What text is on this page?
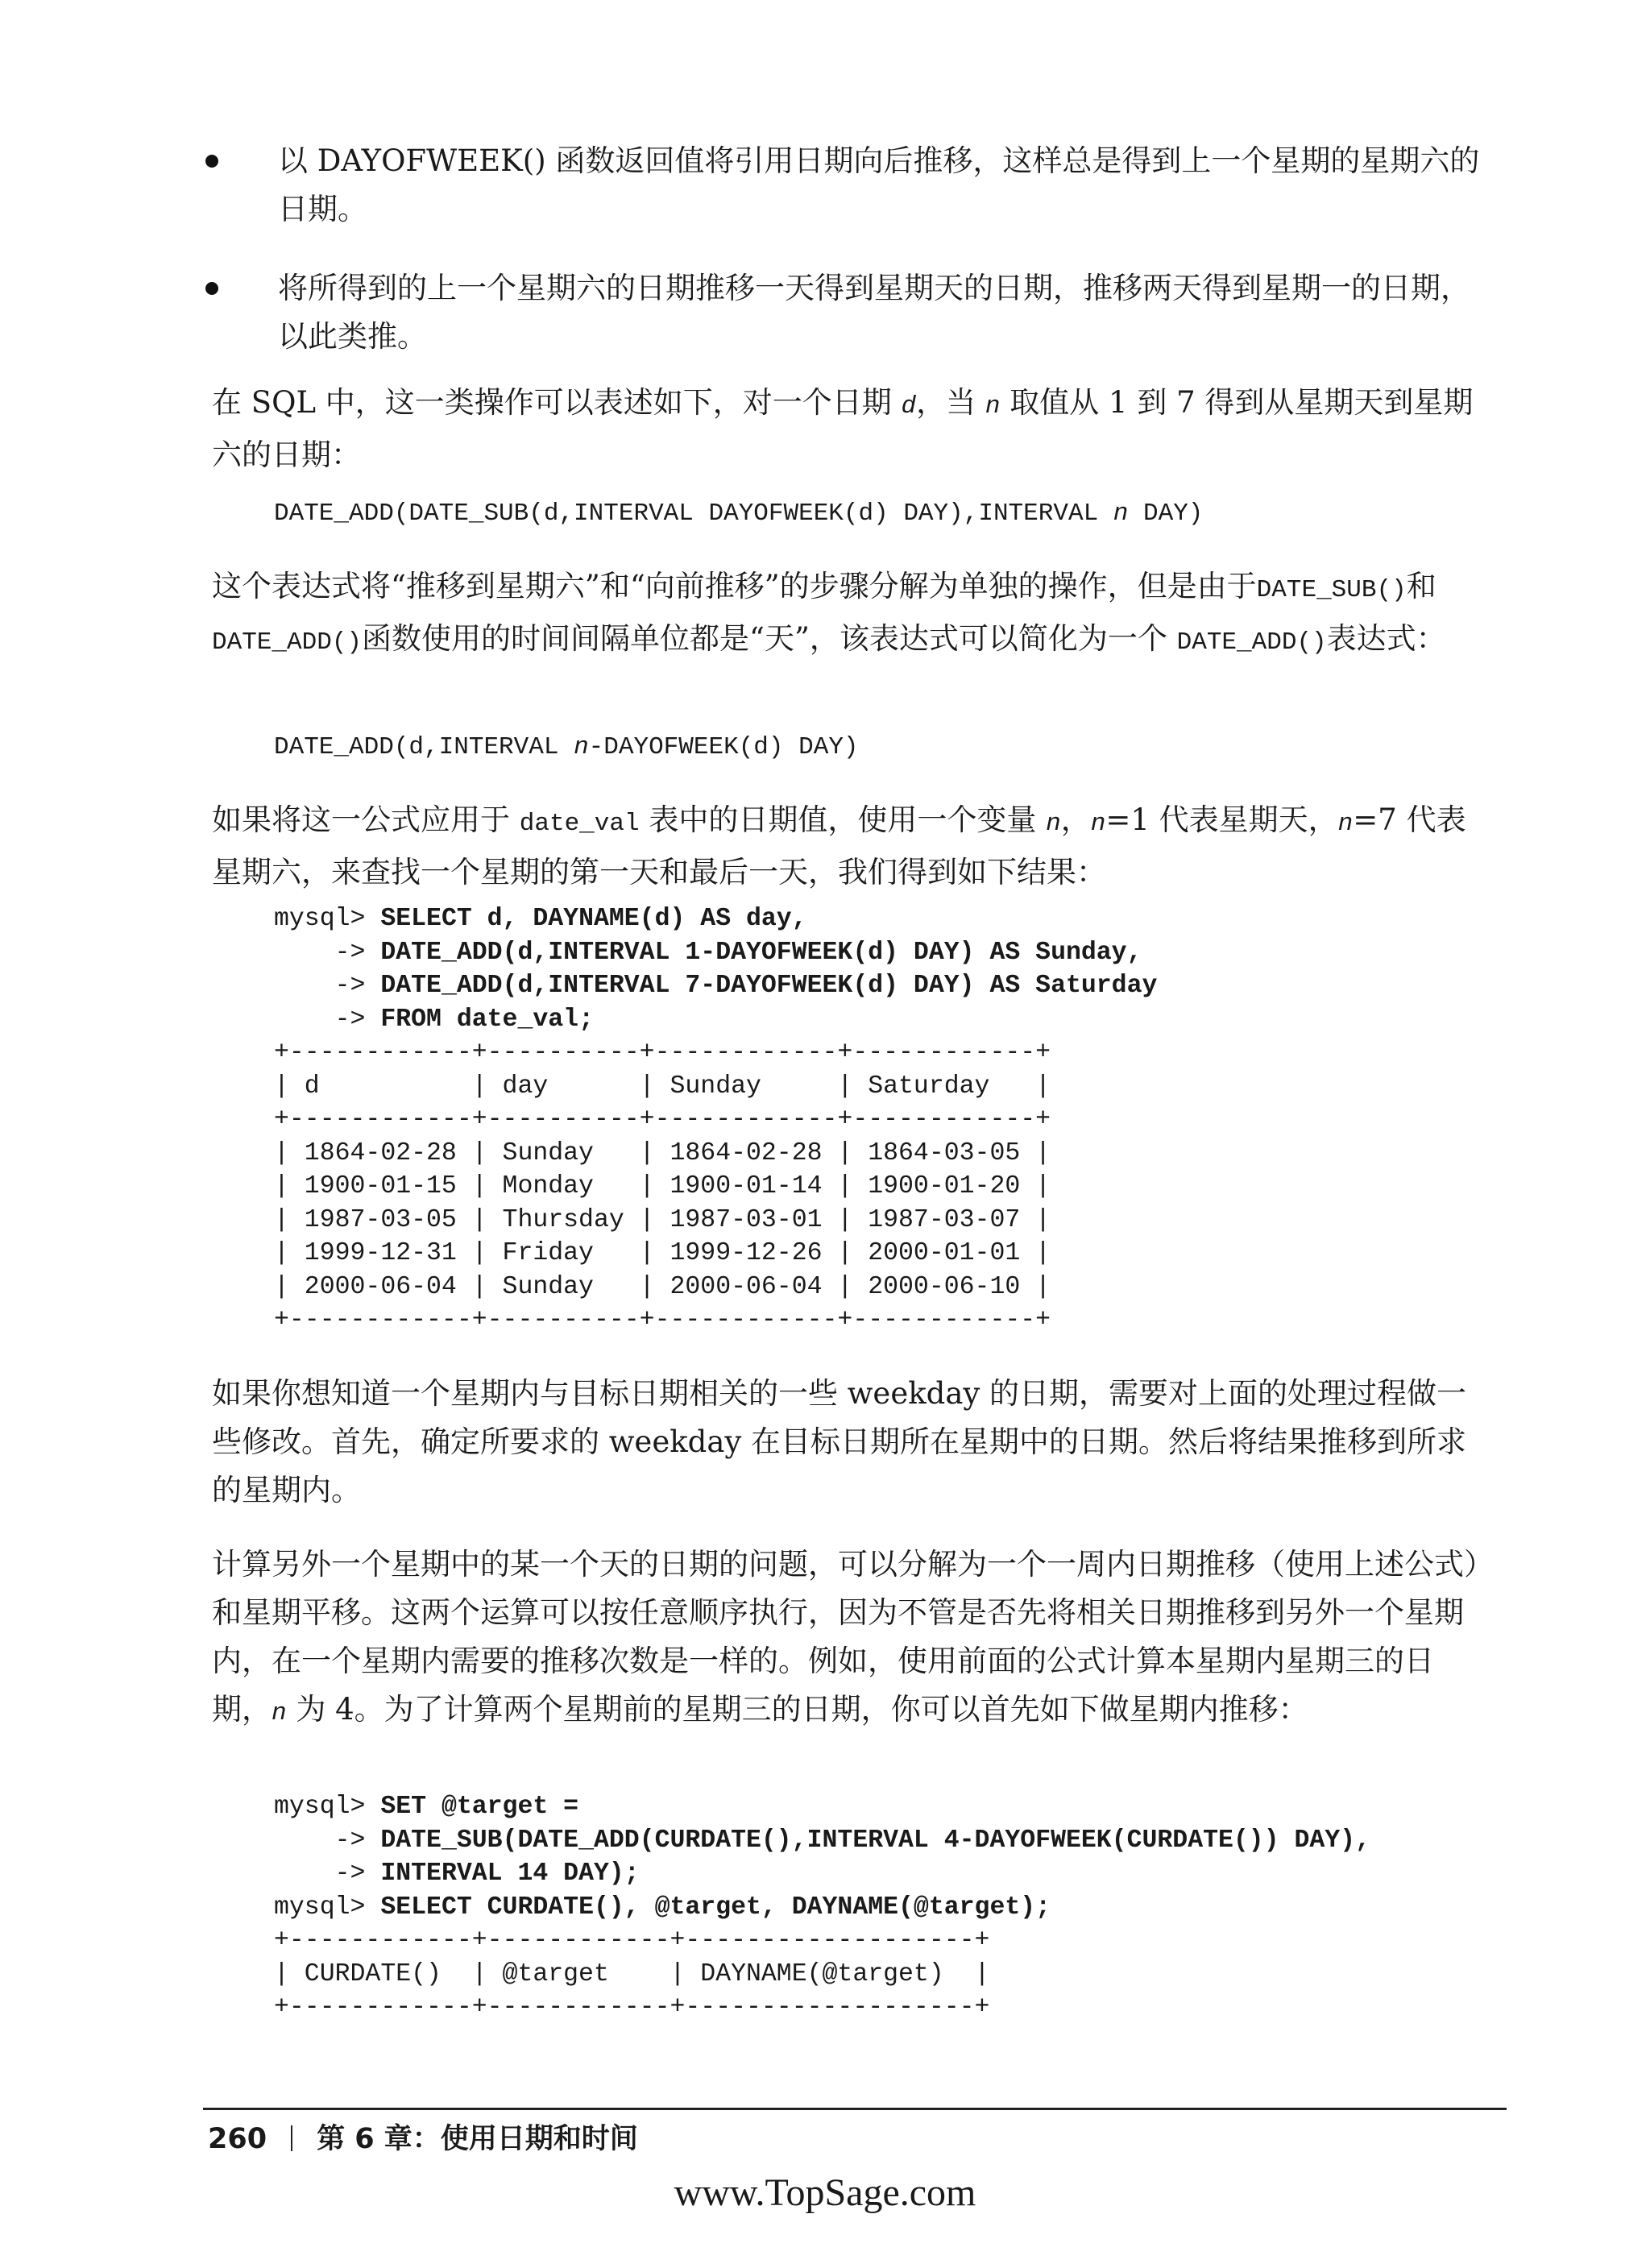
以 DAYOFWEEK() 函数返回值将引用日期向后推移，这样总是得到上一个星期的星期六的日期。
将所得到的上一个星期六的日期推移一天得到星期天的日期，推移两天得到星期一的日期，以此类推。

在 SQL 中，这一类操作可以表述如下，对一个日期 d，当 n 取值从 1 到 7 得到从星期天到星期六的日期：

DATE_ADD(DATE_SUB(d,INTERVAL DAYOFWEEK(d) DAY),INTERVAL n DAY)

这个表达式将“推移到星期六”和“向前推移”的步骤分解为单独的操作，但是由于DATE_SUB()和 DATE_ADD()函数使用的时间间隔单位都是“天”，该表达式可以简化为一个 DATE_ADD()表达式：

DATE_ADD(d,INTERVAL n-DAYOFWEEK(d) DAY)

如果将这一公式应用于 date_val 表中的日期值，使用一个变量 n，n=1 代表星期天，n=7 代表星期六，来查找一个星期的第一天和最后一天，我们得到如下结果：

mysql> SELECT d, DAYNAME(d) AS day,
-> DATE_ADD(d,INTERVAL 1-DAYOFWEEK(d) DAY) AS Sunday,
-> DATE_ADD(d,INTERVAL 7-DAYOFWEEK(d) DAY) AS Saturday
-> FROM date_val;
+------------+----------+------------+------------+
| d          | day      | Sunday     | Saturday   |
+------------+----------+------------+------------+
| 1864-02-28 | Sunday   | 1864-02-28 | 1864-03-05 |
| 1900-01-15 | Monday   | 1900-01-14 | 1900-01-20 |
| 1987-03-05 | Thursday | 1987-03-01 | 1987-03-07 |
| 1999-12-31 | Friday   | 1999-12-26 | 2000-01-01 |
| 2000-06-04 | Sunday   | 2000-06-04 | 2000-06-10 |
+------------+----------+------------+------------+

如果你想知道一个星期内与目标日期相关的一些 weekday 的日期，需要对上面的处理过程做一些修改。首先，确定所要求的 weekday 在目标日期所在星期中的日期。然后将结果推移到所求的星期内。

计算另外一个星期中的某一个天的日期的问题，可以分解为一个一周内日期推移（使用上述公式）和星期平移。这两个运算可以按任意顺序执行，因为不管是否先将相关日期推移到另外一个星期内，在一个星期内需要的推移次数是一样的。例如，使用前面的公式计算本星期内星期三的日期，n 为 4。为了计算两个星期前的星期三的日期，你可以首先如下做星期内推移：

mysql> SET @target =
-> DATE_SUB(DATE_ADD(CURDATE(),INTERVAL 4-DAYOFWEEK(CURDATE()) DAY),
-> INTERVAL 14 DAY);
mysql> SELECT CURDATE(), @target, DAYNAME(@target);
+------------+------------+-------------------+
| CURDATE()  | @target    | DAYNAME(@target)  |
+------------+------------+-------------------+
260 第 6 章：使用日期和时间
www.TopSage.com
